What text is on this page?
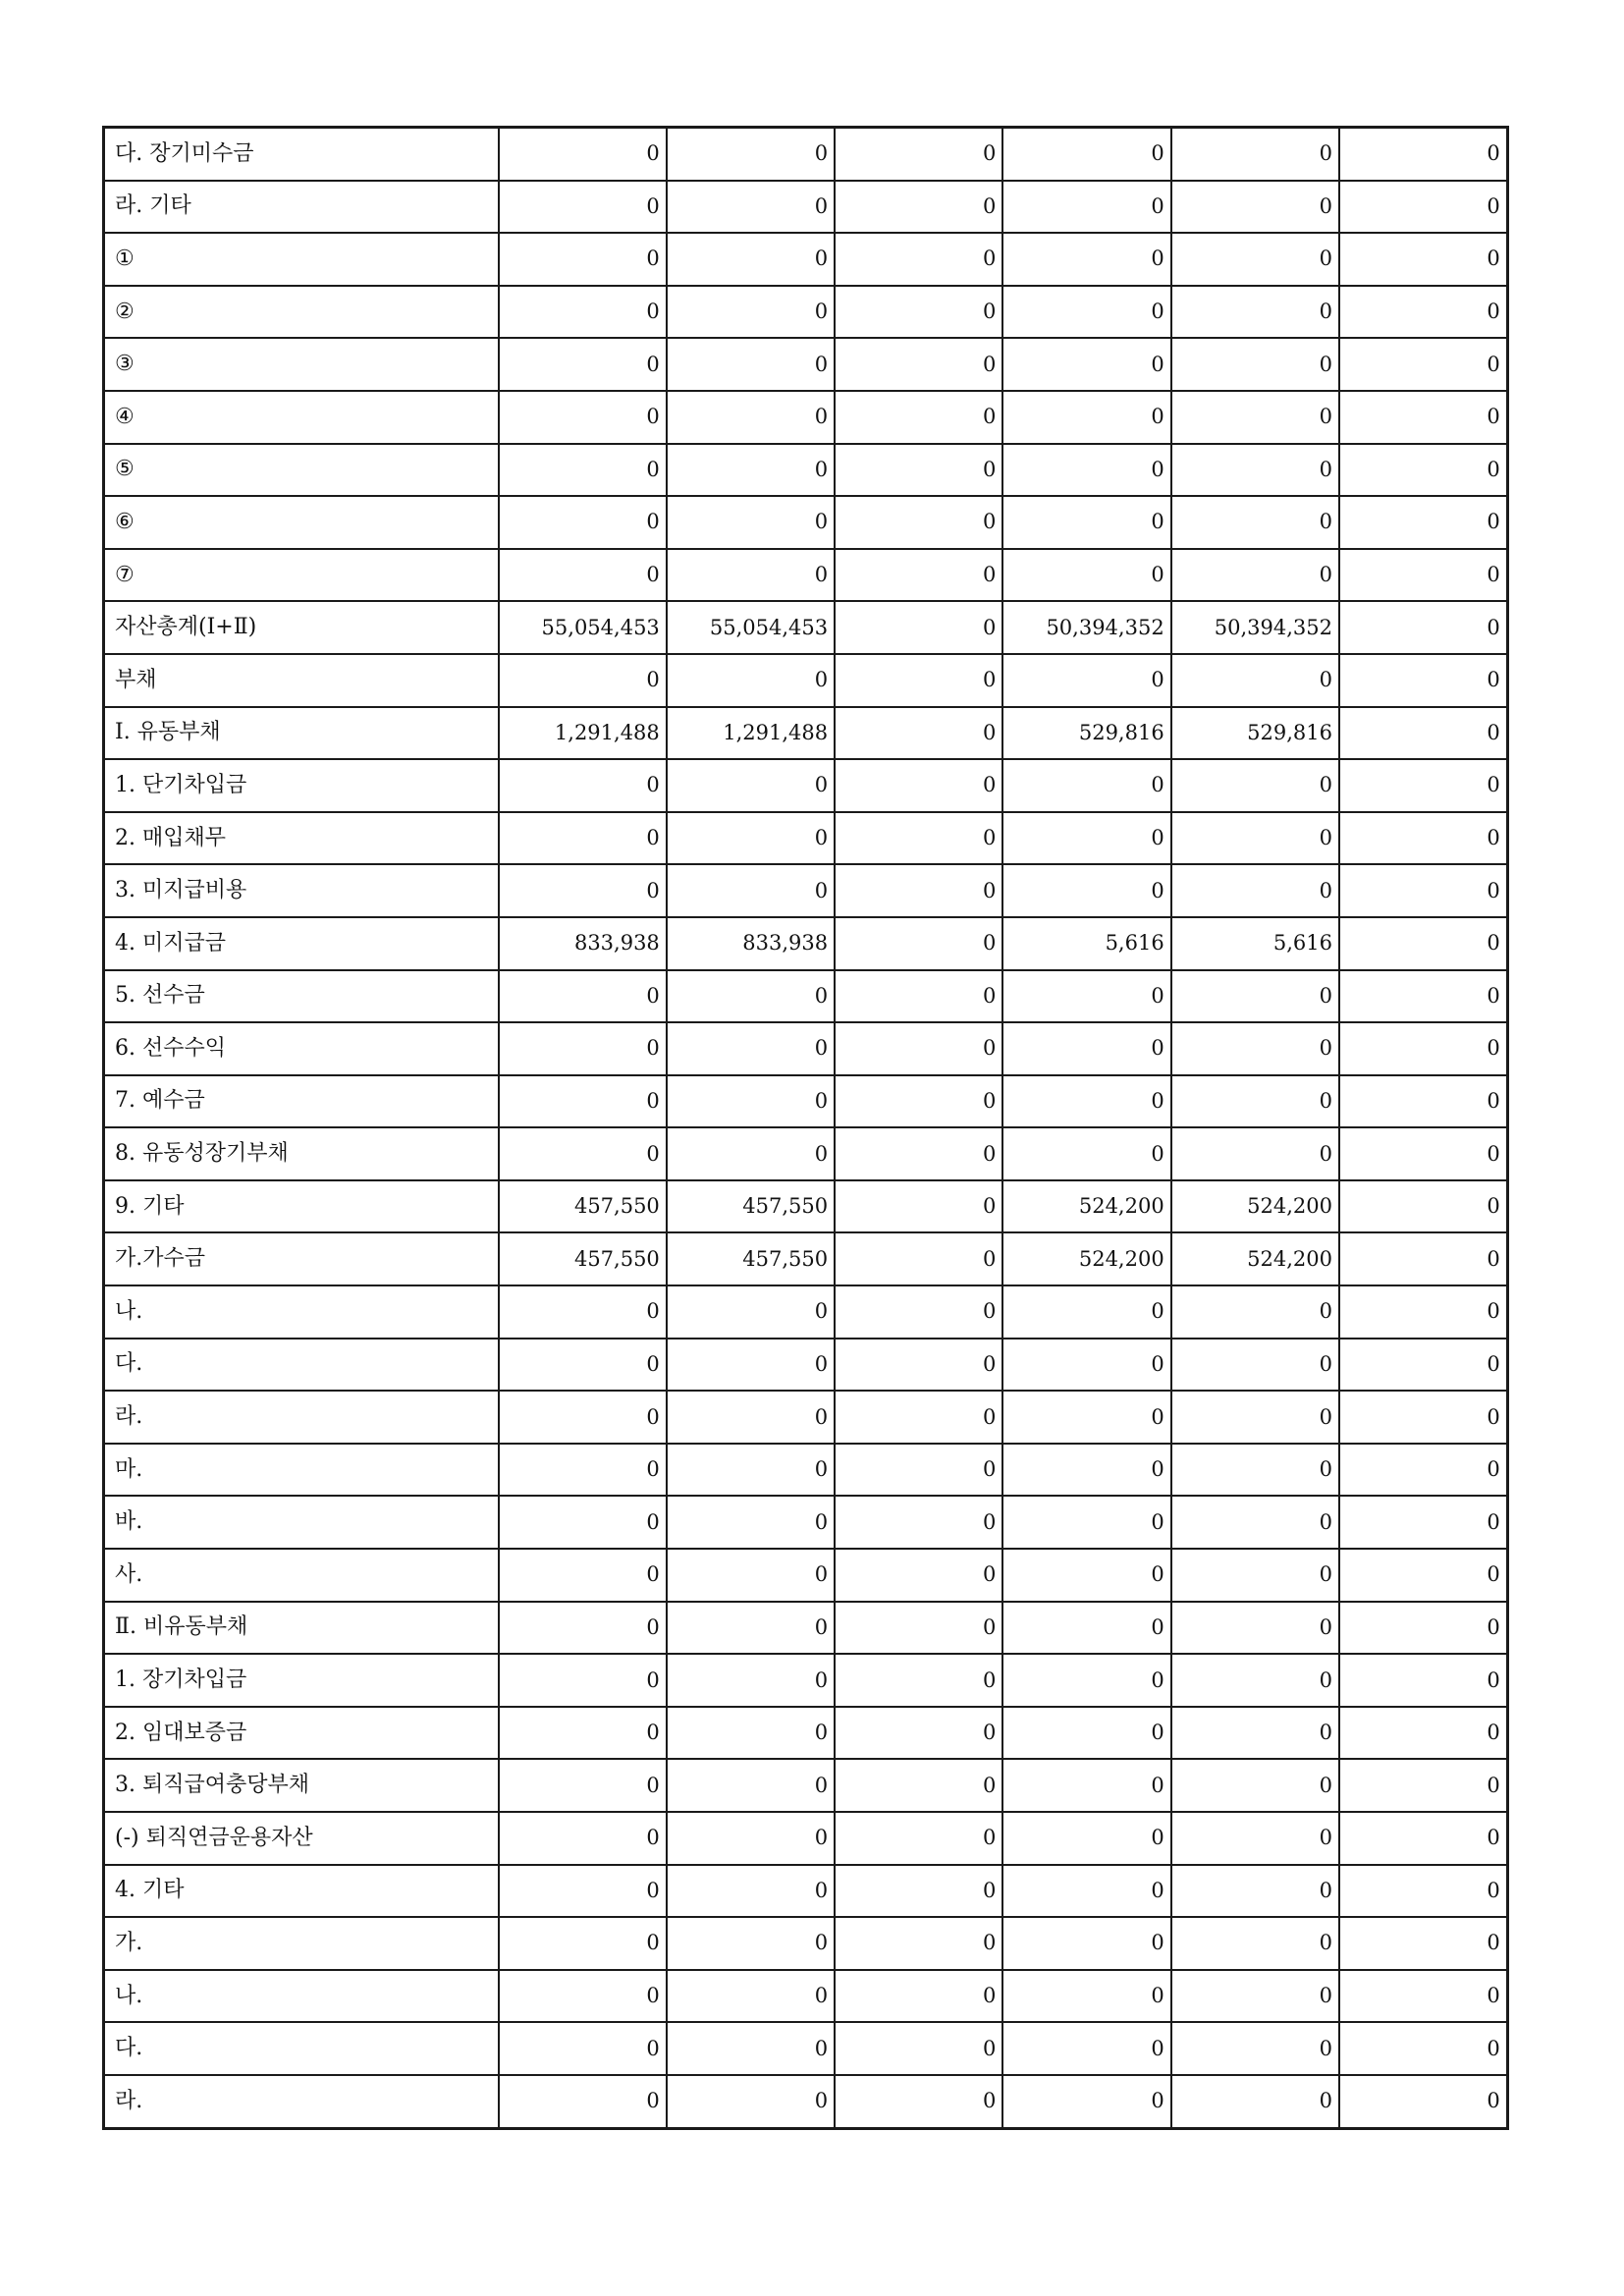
다. 장기미수금	0	0	0	0	0	0
라. 기타	0	0	0	0	0	0
①	0	0	0	0	0	0
②	0	0	0	0	0	0
③	0	0	0	0	0	0
④	0	0	0	0	0	0
⑤	0	0	0	0	0	0
⑥	0	0	0	0	0	0
⑦	0	0	0	0	0	0
자산총계(Ⅰ+Ⅱ)	55,054,453	55,054,453	0	50,394,352	50,394,352	0
부채	0	0	0	0	0	0
Ⅰ. 유동부채	1,291,488	1,291,488	0	529,816	529,816	0
1. 단기차입금	0	0	0	0	0	0
2. 매입채무	0	0	0	0	0	0
3. 미지급비용	0	0	0	0	0	0
4. 미지급금	833,938	833,938	0	5,616	5,616	0
5. 선수금	0	0	0	0	0	0
6. 선수수익	0	0	0	0	0	0
7. 예수금	0	0	0	0	0	0
8. 유동성장기부채	0	0	0	0	0	0
9. 기타	457,550	457,550	0	524,200	524,200	0
가.가수금	457,550	457,550	0	524,200	524,200	0
나.	0	0	0	0	0	0
다.	0	0	0	0	0	0
라.	0	0	0	0	0	0
마.	0	0	0	0	0	0
바.	0	0	0	0	0	0
사.	0	0	0	0	0	0
Ⅱ. 비유동부채	0	0	0	0	0	0
1. 장기차입금	0	0	0	0	0	0
2. 임대보증금	0	0	0	0	0	0
3. 퇴직급여충당부채	0	0	0	0	0	0
(-) 퇴직연금운용자산	0	0	0	0	0	0
4. 기타	0	0	0	0	0	0
가.	0	0	0	0	0	0
나.	0	0	0	0	0	0
다.	0	0	0	0	0	0
라.	0	0	0	0	0	0
